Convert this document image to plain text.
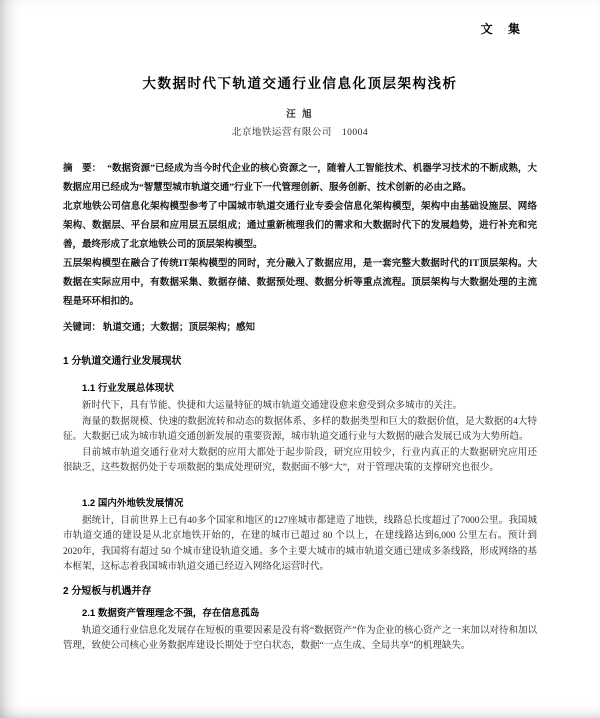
文 集
大数据时代下轨道交通行业信息化顶层架构浅析
汪 旭
北京地铁运营有限公司　10004

摘　要： “数据资源”已经成为当今时代企业的核心资源之一，随着人工智能技术、机器学习技术的不断成熟，大数据应用已经成为“智慧型城市轨道交通”行业下一代管理创新、服务创新、技术创新的必由之路。

北京地铁公司信息化架构模型参考了中国城市轨道交通行业专委会信息化架构模型，架构中由基础设施层、网络架构、数据层、平台层和应用层五层组成；通过重新梳理我们的需求和大数据时代下的发展趋势，进行补充和完善，最终形成了北京地铁公司的顶层架构模型。

五层架构模型在融合了传统IT架构模型的同时，充分融入了数据应用，是一套完整大数据时代的IT顶层架构。大数据在实际应用中，有数据采集、数据存储、数据预处理、数据分析等重点流程。顶层架构与大数据处理的主流程是环环相扣的。

关键词： 轨道交通；大数据；顶层架构；感知

1 分轨道交通行业发展现状
1.1 行业发展总体现状

新时代下，具有节能、快捷和大运量特征的城市轨道交通建设愈来愈受到众多城市的关注。

海量的数据规模、快速的数据流转和动态的数据体系、多样的数据类型和巨大的数据价值，是大数据的4大特征。大数据已成为城市轨道交通创新发展的重要资源，城市轨道交通行业与大数据的融合发展已成为大势所趋。

目前城市轨道交通行业对大数据的应用大都处于起步阶段，研究应用较少，行业内真正的大数据研究应用还很缺乏，这些数据仍处于专项数据的集成处理研究，数据面不够“大”，对于管理决策的支撑研究也很少。

1.2 国内外地铁发展情况

据统计，目前世界上已有40多个国家和地区的127座城市都建造了地铁，线路总长度超过了7000公里。我国城市轨道交通的建设是从北京地铁开始的，在建的城市已超过 80 个以上，在建线路达到6,000 公里左右。预计到 2020年，我国将有超过 50 个城市建设轨道交通。多个主要大城市的城市轨道交通已建成多条线路，形成网络的基本框架，这标志着我国城市轨道交通已经迈入网络化运营时代。

2 分短板与机遇并存
2.1 数据资产管理理念不强，存在信息孤岛

轨道交通行业信息化发展存在短板的重要因素是没有将“数据资产”作为企业的核心资产之一来加以对待和加以管理，致使公司核心业务数据库建设长期处于空白状态，数据“一点生成、全局共享”的机理缺失。
